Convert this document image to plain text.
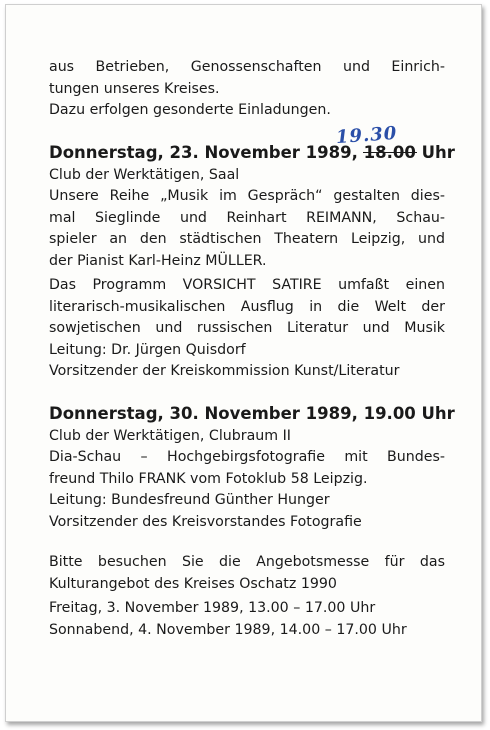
aus Betrieben, Genossenschaften und Einrich-
tungen unseres Kreises.
Dazu erfolgen gesonderte Einladungen.
19.30
Donnerstag, 23. November 1989, 18.00 Uhr
Club der Werktätigen, Saal
Unsere Reihe „Musik im Gespräch“ gestalten dies-
mal Sieglinde und Reinhart REIMANN, Schau-
spieler an den städtischen Theatern Leipzig, und
der Pianist Karl-Heinz MÜLLER.
Das Programm VORSICHT SATIRE umfaßt einen
literarisch-musikalischen Ausflug in die Welt der
sowjetischen und russischen Literatur und Musik
Leitung: Dr. Jürgen Quisdorf
Vorsitzender der Kreiskommission Kunst/Literatur
Donnerstag, 30. November 1989, 19.00 Uhr
Club der Werktätigen, Clubraum II
Dia-Schau – Hochgebirgsfotografie mit Bundes-
freund Thilo FRANK vom Fotoklub 58 Leipzig.
Leitung: Bundesfreund Günther Hunger
Vorsitzender des Kreisvorstandes Fotografie
Bitte besuchen Sie die Angebotsmesse für das
Kulturangebot des Kreises Oschatz 1990
Freitag, 3. November 1989, 13.00 – 17.00 Uhr
Sonnabend, 4. November 1989, 14.00 – 17.00 Uhr
